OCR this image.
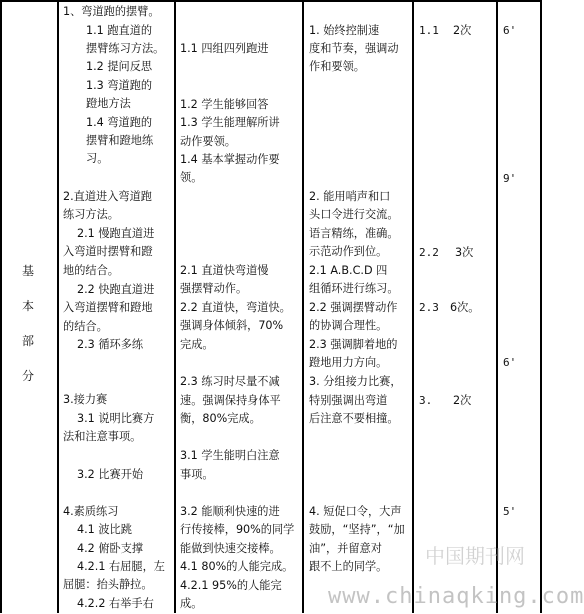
基
本
部
分
1、弯道跑的摆臂。
1.1 跑直道的
摆臂练习方法。
1.2 提问反思
1.3 弯道跑的
蹬地方法
1.4 弯道跑的
摆臂和蹬地练
习。
2.直道进入弯道跑
练习方法。
2.1 慢跑直道进
入弯道时摆臂和蹬
地的结合。
2.2 快跑直道进
入弯道摆臂和蹬地
的结合。
2.3 循环多练
3.接力赛
3.1 说明比赛方
法和注意事项。
3.2 比赛开始
4.素质练习
4.1 波比跳
4.2 俯卧支撑
4.2.1 右屈腿，左
屈腿：抬头静拉。
4.2.2 右举手右
1.1 四组四列跑进
1.2 学生能够回答
1.3 学生能理解所讲
动作要领。
1.4 基本掌握动作要
领。
2.1 直道快弯道慢
强摆臂动作。
2.2 直道快，弯道快。
强调身体倾斜，70%
完成。
2.3 练习时尽量不减
速。强调保持身体平
衡，80%完成。
3.1 学生能明白注意
事项。
3.2 能顺利快速的进
行传接棒，90%的同学
能做到快速交接棒。
4.1 80%的人能完成。
4.2.1 95%的人能完
成。
1. 始终控制速
度和节奏，强调动
作和要领。
2. 能用哨声和口
头口令进行交流。
语言精练，准确。
示范动作到位。
2.1 A.B.C.D 四
组循环进行练习。
2.2 强调摆臂动作
的协调合理性。
2.3 强调脚着地的
蹬地用力方向。
3. 分组接力比赛，
特别强调出弯道
后注意不要相撞。
4. 短促口令，大声
鼓励，“坚持”，“加
油”，并留意对
跟不上的同学。
1.1 2次
2.2 3次
2.3 6次。
3. 2次
6'
9'
6'
5'
中国期刊网
www.chinaqking.com
